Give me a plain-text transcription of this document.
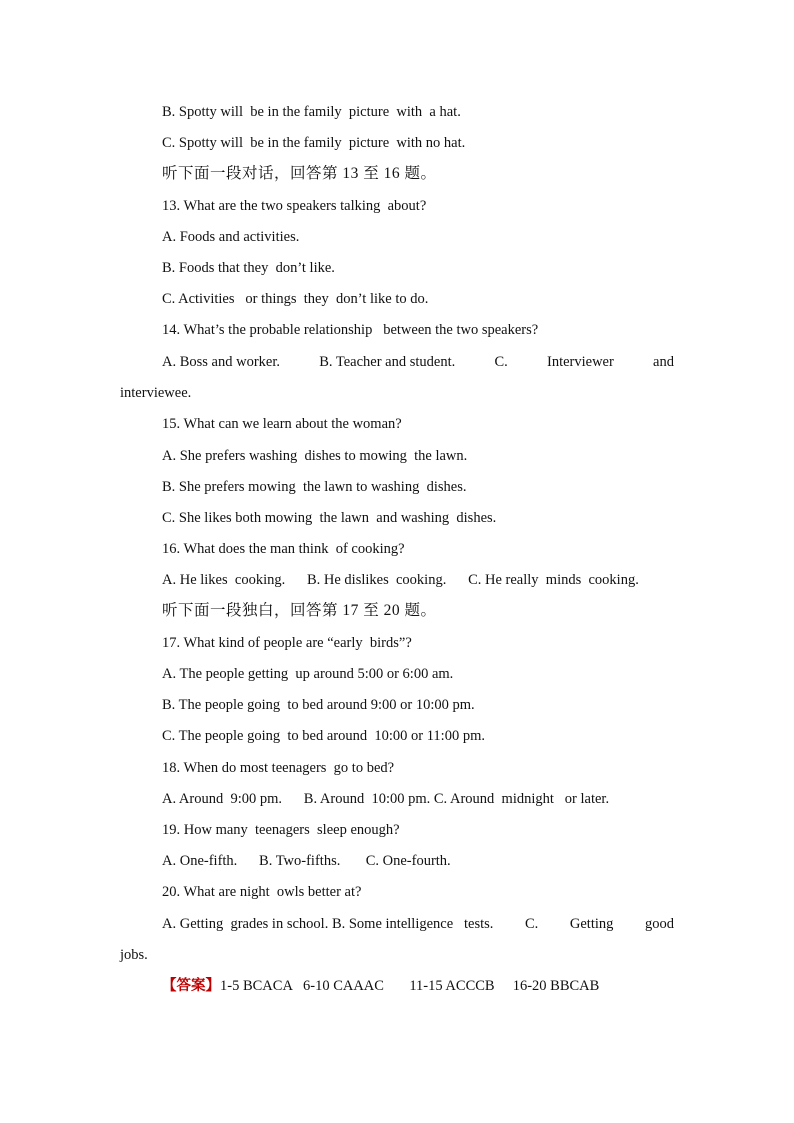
B. Spotty will  be in the family  picture  with  a hat.

C. Spotty will  be in the family  picture  with no hat.

听下面一段对话，回答第 13 至 16 题。

13. What are the two speakers talking  about?

A. Foods and activities.

B. Foods that they  don’t like.

C. Activities   or things  they  don’t like to do.

14. What’s the probable relationship   between the two speakers?

A. Boss and worker.	B. Teacher and student.	C.	Interviewer	and

interviewee.

15. What can we learn about the woman?

A. She prefers washing  dishes to mowing  the lawn.

B. She prefers mowing  the lawn to washing  dishes.

C. She likes both mowing  the lawn  and washing  dishes.

16. What does the man think  of cooking?

A. He likes  cooking.      B. He dislikes  cooking.      C. He really  minds  cooking.

听下面一段独白，回答第 17 至 20 题。

17. What kind of people are “early  birds”?

A. The people getting  up around 5:00 or 6:00 am.

B. The people going  to bed around 9:00 or 10:00 pm.

C. The people going  to bed around  10:00 or 11:00 pm.

18. When do most teenagers  go to bed?

A. Around  9:00 pm.      B. Around  10:00 pm. C. Around  midnight   or later.

19. How many  teenagers  sleep enough?

A. One-fifth.      B. Two-fifths.       C. One-fourth.

20. What are night  owls better at?

A. Getting  grades in school. B. Some intelligence   tests. C. Getting good

jobs.

【答案】1-5 BCACA   6-10 CAAAC       11-15 ACCCB     16-20 BBCAB
